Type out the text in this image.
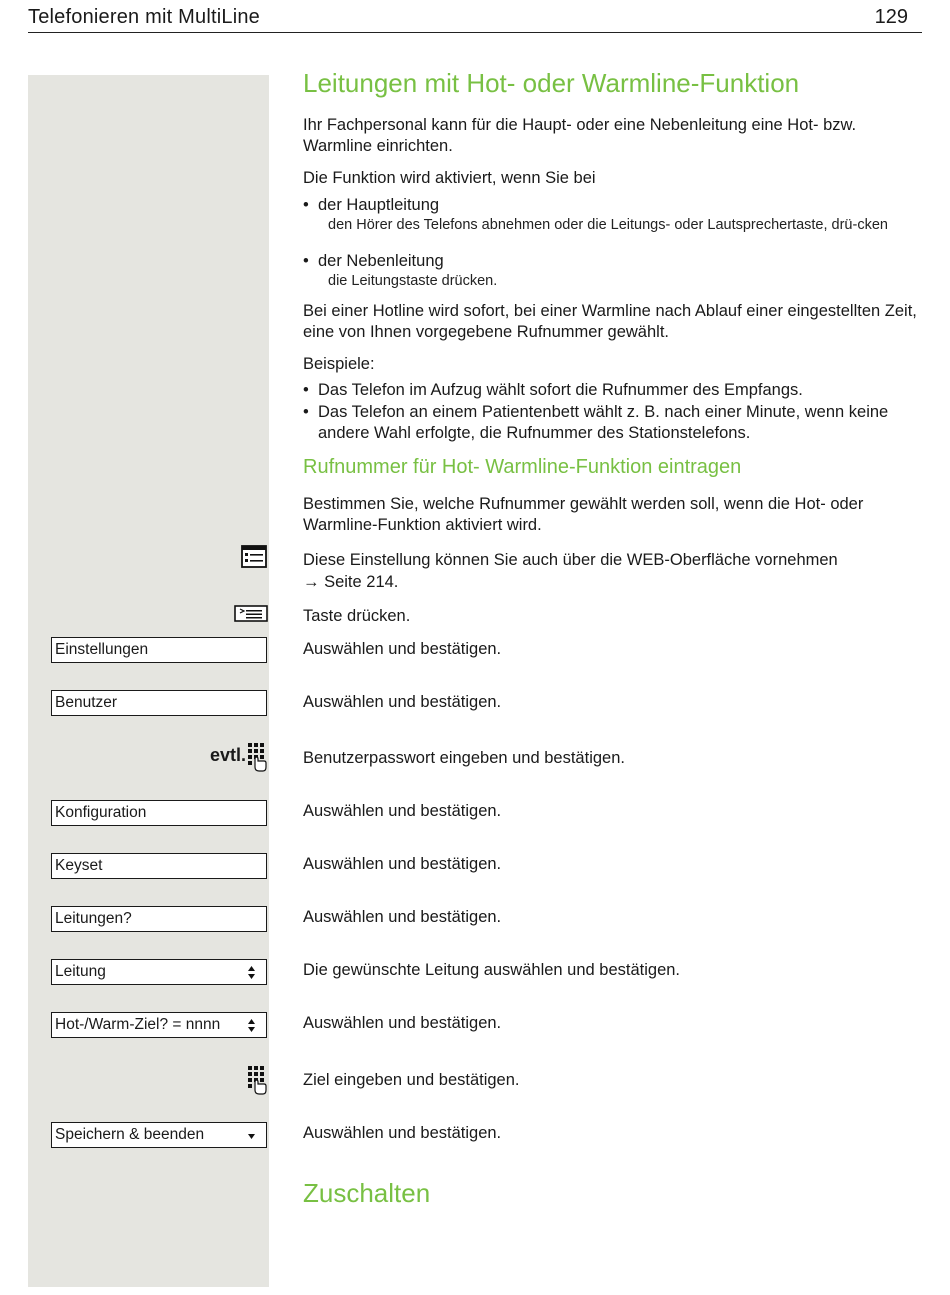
Telefonieren mit MultiLine	129
Leitungen mit Hot- oder Warmline-Funktion
Ihr Fachpersonal kann für die Haupt- oder eine Nebenleitung eine Hot- bzw. Warmline einrichten.
Die Funktion wird aktiviert, wenn Sie bei
• der Hauptleitung
den Hörer des Telefons abnehmen oder die Leitungs- oder Lautsprechertaste, drü-cken
• der Nebenleitung
die Leitungstaste drücken.
Bei einer Hotline wird sofort, bei einer Warmline nach Ablauf einer eingestellten Zeit, eine von Ihnen vorgegebene Rufnummer gewählt.
Beispiele:
• Das Telefon im Aufzug wählt sofort die Rufnummer des Empfangs.
• Das Telefon an einem Patientenbett wählt z. B. nach einer Minute, wenn keine andere Wahl erfolgte, die Rufnummer des Stationstelefons.
Rufnummer für Hot- Warmline-Funktion eintragen
Bestimmen Sie, welche Rufnummer gewählt werden soll, wenn die Hot- oder Warmline-Funktion aktiviert wird.
Diese Einstellung können Sie auch über die WEB-Oberfläche vornehmen
→ Seite 214.
Taste drücken.
Einstellungen	Auswählen und bestätigen.
Benutzer	Auswählen und bestätigen.
evtl.	Benutzerpasswort eingeben und bestätigen.
Konfiguration	Auswählen und bestätigen.
Keyset	Auswählen und bestätigen.
Leitungen?	Auswählen und bestätigen.
Leitung	Die gewünschte Leitung auswählen und bestätigen.
Hot-/Warm-Ziel? = nnnn	Auswählen und bestätigen.
Ziel eingeben und bestätigen.
Speichern & beenden	Auswählen und bestätigen.
Zuschalten
